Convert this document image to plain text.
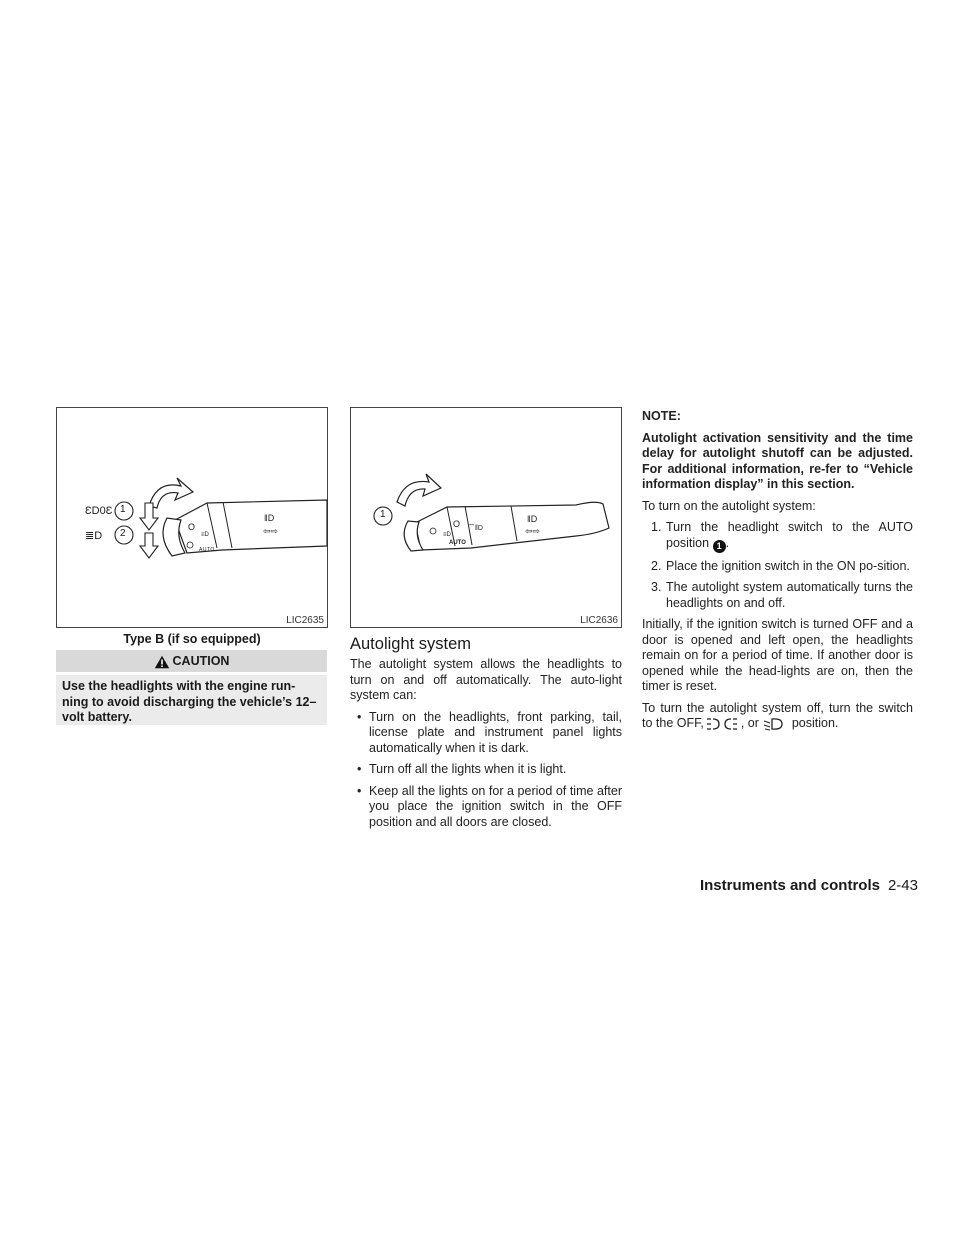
O
≡D
‖D
⇦⇨
ƐD0Ɛ
≣D
1
2
AUTO
LIC2635
Type B (if so equipped)
CAUTION
Use the headlights with the engine run-ning to avoid discharging the vehicle’s 12–volt battery.
O –
≡D
‖D
‖D
⇦⇨
1
AUTO
LIC2636
Autolight system

The autolight system allows the headlights to turn on and off automatically. The auto-light system can:

• Turn on the headlights, front parking, tail, license plate and instrument panel lights automatically when it is dark.

• Turn off all the lights when it is light.

• Keep all the lights on for a period of time after you place the ignition switch in the OFF position and all doors are closed.

NOTE:

Autolight activation sensitivity and the time delay for autolight shutoff can be adjusted. For additional information, re-fer to “Vehicle information display” in this section.

To turn on the autolight system:

1. Turn the headlight switch to the AUTO position 1 .

2. Place the ignition switch in the ON po-sition.

3. The autolight system automatically turns the headlights on and off.

Initially, if the ignition switch is turned OFF and a door is opened and left open, the headlights remain on for a period of time. If another door is opened while the head-lights are on, then the timer is reset.

To turn the autolight system off, turn the switch to the OFF,	, or	position.

Instruments and controls 2-43
